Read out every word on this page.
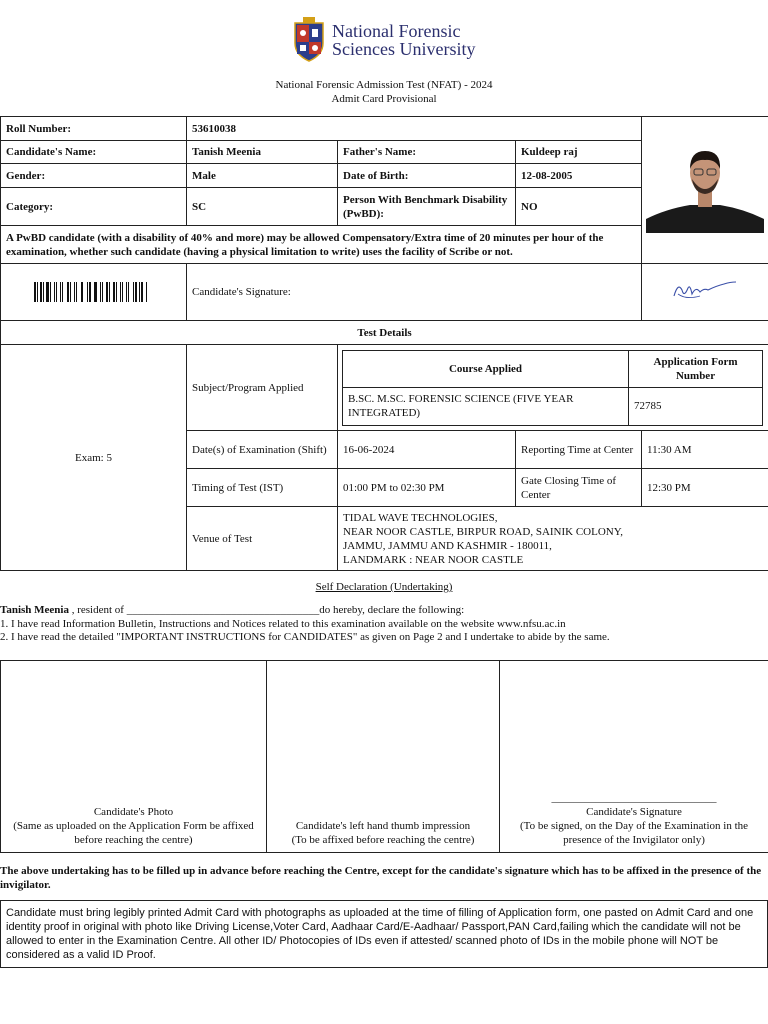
National Forensic
Sciences University
National Forensic Admission Test (NFAT) - 2024
Admit Card Provisional
Roll Number:	53610038	
Candidate's Name:	Tanish Meenia	Father's Name:	Kuldeep raj	
Gender:	Male	Date of Birth:	12-08-2005	
Category:	SC	Person With Benchmark Disability (PwBD):	NO	
A PwBD candidate (with a disability of 40% and more) may be allowed Compensatory/Extra time of 20 minutes per hour of the examination, whether such candidate (having a physical limitation to write) uses the facility of Scribe or not.				

	Candidate's Signature:	
Test Details
Exam: 5	Subject/Program Applied	
Course Applied	Application Form Number
B.SC. M.SC. FORENSIC SCIENCE (FIVE YEAR INTEGRATED)	72785

Date(s) of Examination (Shift)	16-06-2024	Reporting Time at Center	11:30 AM
Timing of Test (IST)	01:00 PM to 02:30 PM	Gate Closing Time of Center	12:30 PM
Venue of Test	
TIDAL WAVE TECHNOLOGIES,
NEAR NOOR CASTLE, BIRPUR ROAD, SAINIK COLONY,
JAMMU, JAMMU AND KASHMIR - 180011,
LANDMARK : NEAR NOOR CASTLE
Self Declaration (Undertaking)
Tanish Meenia , resident of ___________________________________do hereby, declare the following:
1. I have read Information Bulletin, Instructions and Notices related to this examination available on the website www.nfsu.ac.in
2. I have read the detailed "IMPORTANT INSTRUCTIONS for CANDIDATES" as given on Page 2 and I undertake to abide by the same.
Candidate's Photo
(Same as uploaded on the Application Form be affixed before reaching the centre)

Candidate's left hand thumb impression
(To be affixed before reaching the centre)

______________________________
Candidate's Signature
(To be signed, on the Day of the Examination in the presence of the Invigilator only)
The above undertaking has to be filled up in advance before reaching the Centre, except for the candidate's signature which has to be affixed in the presence of the invigilator.
Candidate must bring legibly printed Admit Card with photographs as uploaded at the time of filling of Application form, one pasted on Admit Card and one identity proof in original with photo like Driving License,Voter Card, Aadhaar Card/E-Aadhaar/ Passport,PAN Card,failing which the candidate will not be allowed to enter in the Examination Centre. All other ID/ Photocopies of IDs even if attested/ scanned photo of IDs in the mobile phone will NOT be considered as a valid ID Proof.
